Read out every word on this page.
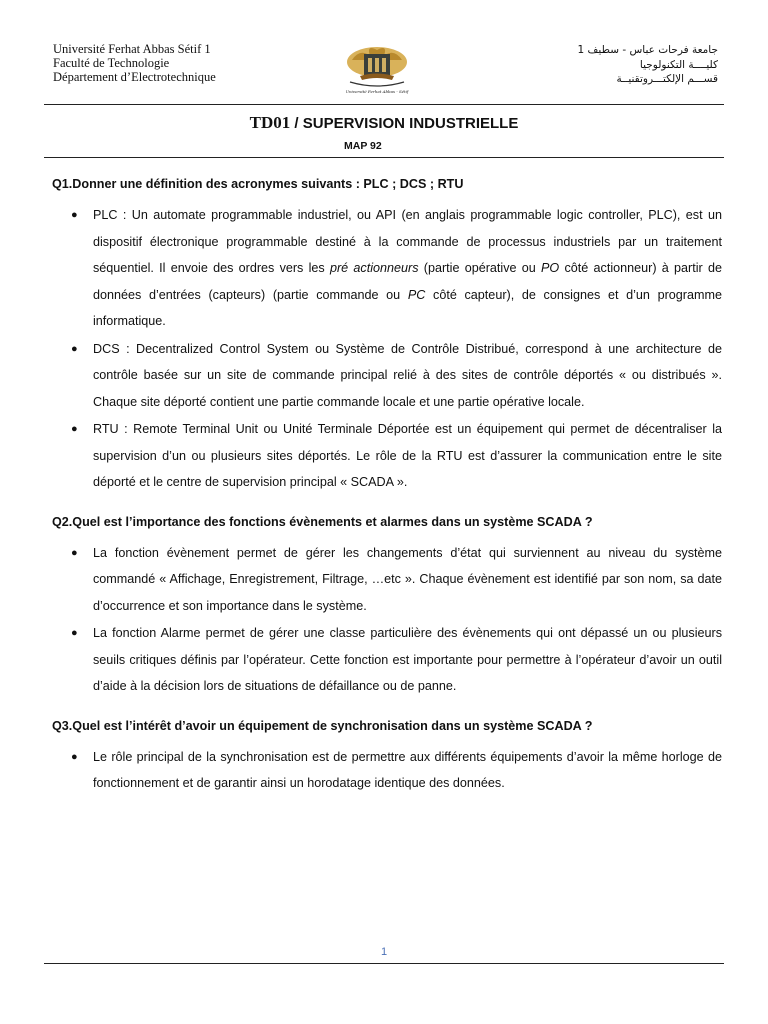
Université Ferhat Abbas Sétif 1
Faculté de Technologie
Département d’Electrotechnique
Université Ferhat Abbas - Sétif
جامعة فرحات عباس - سطيف 1
كليــــة التكنولوجيا
قســـم الإلكتـــروتقنيــة
TD01 / SUPERVISION INDUSTRIELLE
MAP 92
Q1.Donner une définition des acronymes suivants : PLC ; DCS ; RTU
● PLC : Un automate programmable industriel, ou API (en anglais programmable logic controller, PLC), est un dispositif électronique programmable destiné à la commande de processus industriels par un traitement séquentiel. Il envoie des ordres vers les pré actionneurs (partie opérative ou PO côté actionneur) à partir de données d’entrées (capteurs) (partie commande ou PC côté capteur), de consignes et d’un programme informatique.
● DCS : Decentralized Control System ou Système de Contrôle Distribué, correspond à une architecture de contrôle basée sur un site de commande principal relié à des sites de contrôle déportés « ou distribués ». Chaque site déporté contient une partie commande locale et une partie opérative locale.
● RTU : Remote Terminal Unit ou Unité Terminale Déportée est un équipement qui permet de décentraliser la supervision d’un ou plusieurs sites déportés. Le rôle de la RTU est d’assurer la communication entre le site déporté et le centre de supervision principal « SCADA ».
Q2.Quel est l’importance des fonctions évènements et alarmes dans un système SCADA ?
● La fonction évènement permet de gérer les changements d’état qui surviennent au niveau du système commandé « Affichage, Enregistrement, Filtrage, …etc ». Chaque évènement est identifié par son nom, sa date d’occurrence et son importance dans le système.
● La fonction Alarme permet de gérer une classe particulière des évènements qui ont dépassé un ou plusieurs seuils critiques définis par l’opérateur. Cette fonction est importante pour permettre à l’opérateur d’avoir un outil d’aide à la décision lors de situations de défaillance ou de panne.
Q3.Quel est l’intérêt d’avoir un équipement de synchronisation dans un système SCADA ?
● Le rôle principal de la synchronisation est de permettre aux différents équipements d’avoir la même horloge de fonctionnement et de garantir ainsi un horodatage identique des données.
1
